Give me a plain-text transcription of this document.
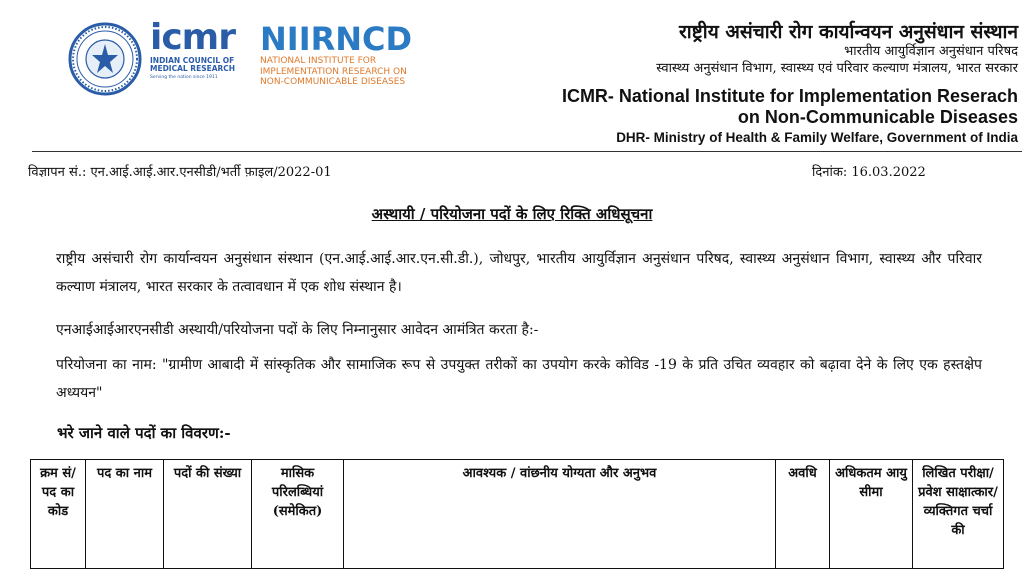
icmr
INDIAN COUNCIL OF MEDICAL RESEARCH
Serving the nation since 1911
NIIRNCD
NATIONAL INSTITUTE FOR
IMPLEMENTATION RESEARCH ON
NON-COMMUNICABLE DISEASES
राष्ट्रीय असंचारी रोग कार्यान्वयन अनुसंधान संस्थान
भारतीय आयुर्विज्ञान अनुसंधान परिषद
स्वास्थ्य अनुसंधान विभाग, स्वास्थ्य एवं परिवार कल्याण मंत्रालय, भारत सरकार
ICMR- National Institute for Implementation Reserach
on Non-Communicable Diseases
DHR- Ministry of Health & Family Welfare, Government of India
विज्ञापन सं.: एन.आई.आई.आर.एनसीडी/भर्ती फ़ाइल/2022-01	दिनांक: 16.03.2022
अस्थायी / परियोजना पदों के लिए रिक्ति अधिसूचना
राष्ट्रीय असंचारी रोग कार्यान्वयन अनुसंधान संस्थान (एन.आई.आई.आर.एन.सी.डी.), जोधपुर, भारतीय आयुर्विज्ञान अनुसंधान परिषद, स्वास्थ्य अनुसंधान विभाग, स्वास्थ्य और परिवार कल्याण मंत्रालय, भारत सरकार के तत्वावधान में एक शोध संस्थान है।
एनआईआईआरएनसीडी अस्थायी/परियोजना पदों के लिए निम्नानुसार आवेदन आमंत्रित करता है:-
परियोजना का नाम: "ग्रामीण आबादी में सांस्कृतिक और सामाजिक रूप से उपयुक्त तरीकों का उपयोग करके कोविड -19 के प्रति उचित व्यवहार को बढ़ावा देने के लिए एक हस्तक्षेप अध्ययन"
भरे जाने वाले पदों का विवरण:-
क्रम सं/ पद का कोड	पद का नाम	पदों की संख्या	मासिक परिलब्धियां (समेकित)	आवश्यक / वांछनीय योग्यता और अनुभव	अवधि	अधिकतम आयु सीमा	लिखित परीक्षा/प्रवेश साक्षात्कार/ व्यक्तिगत चर्चा की
